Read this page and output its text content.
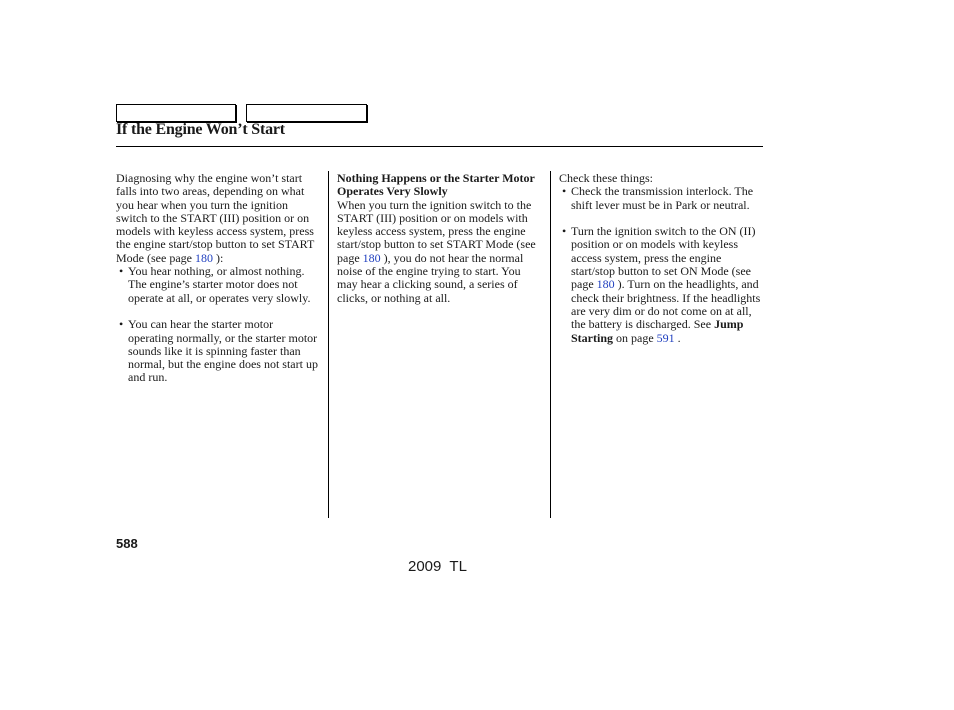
If the Engine Won’t Start

Diagnosing why the engine won’t start falls into two areas, depending on what you hear when you turn the ignition switch to the START (III) position or on models with keyless access system, press the engine start/stop button to set START Mode (see page 180 ):

• You hear nothing, or almost nothing. The engine’s starter motor does not operate at all, or operates very slowly.
• You can hear the starter motor operating normally, or the starter motor sounds like it is spinning faster than normal, but the engine does not start up and run.

Nothing Happens or the Starter Motor Operates Very Slowly

When you turn the ignition switch to the START (III) position or on models with keyless access system, press the engine start/stop button to set START Mode (see page 180 ), you do not hear the normal noise of the engine trying to start. You may hear a clicking sound, a series of clicks, or nothing at all.

Check these things:

• Check the transmission interlock. The shift lever must be in Park or neutral.
• Turn the ignition switch to the ON (II) position or on models with keyless access system, press the engine start/stop button to set ON Mode (see page 180 ). Turn on the headlights, and check their brightness. If the headlights are very dim or do not come on at all, the battery is discharged. See Jump Starting on page 591 .
588
2009  TL
